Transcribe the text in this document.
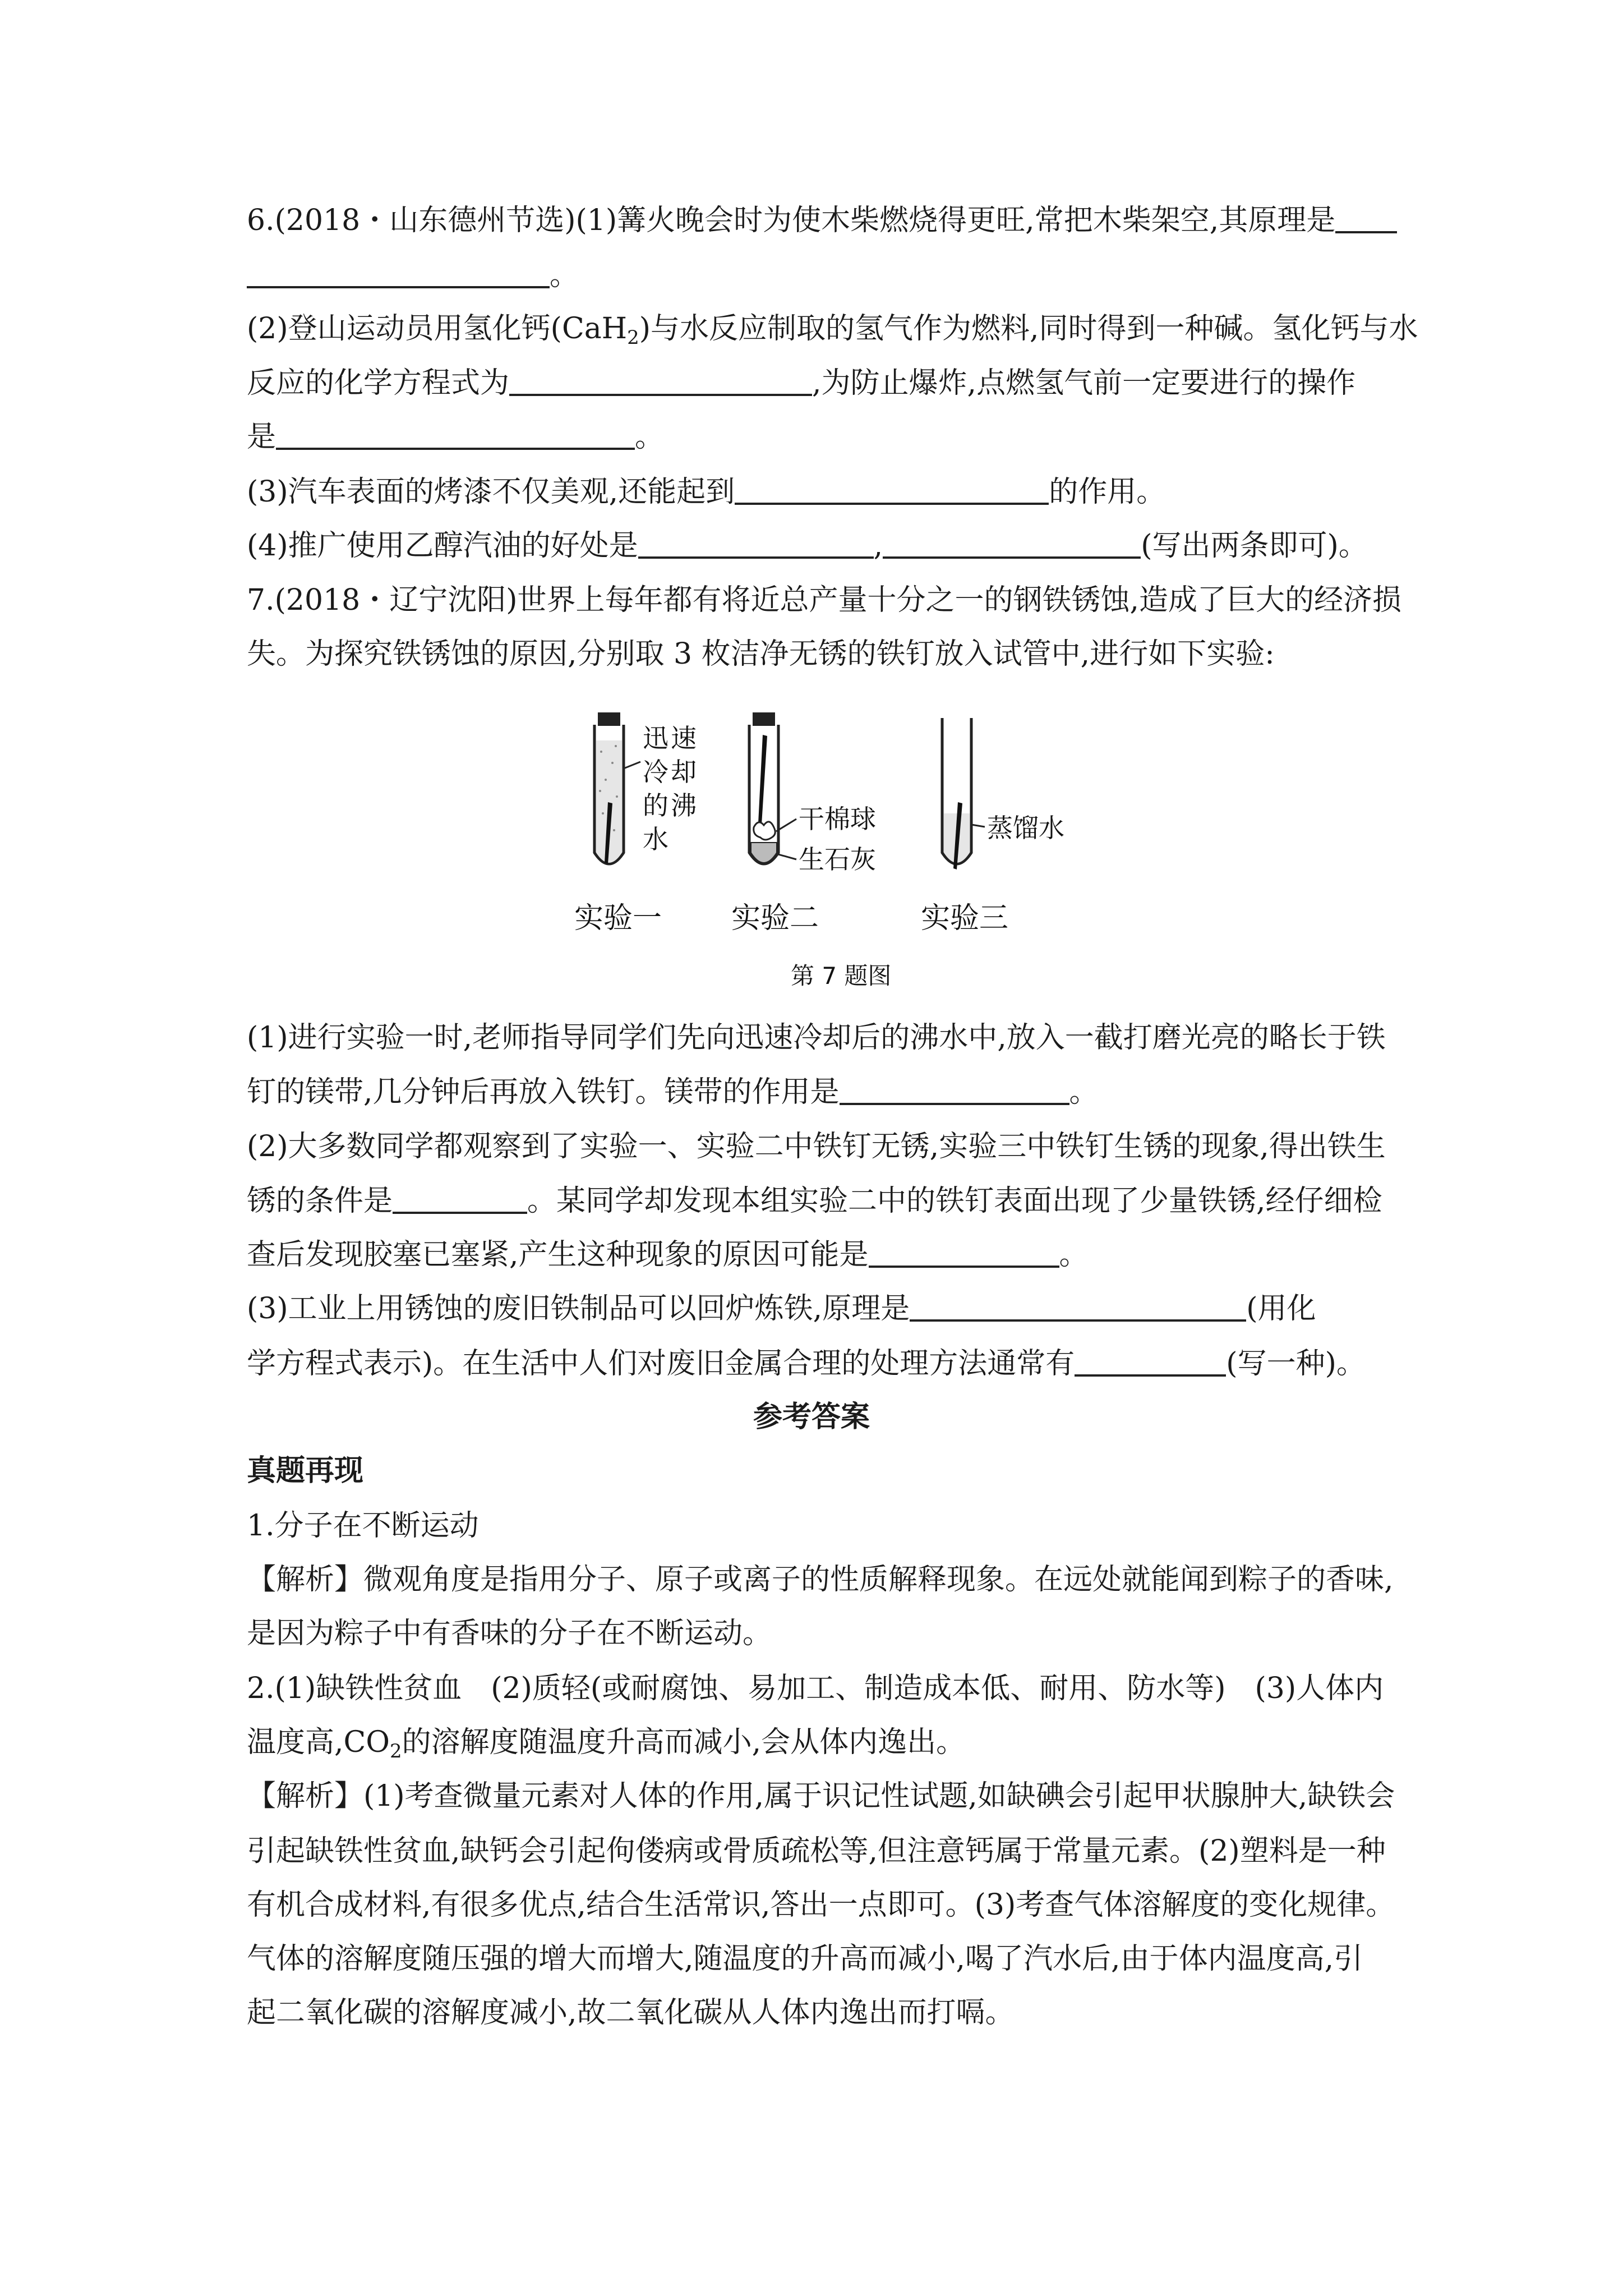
6.(2018・山东德州节选)(1)篝火晚会时为使木柴燃烧得更旺,常把木柴架空,其原理是
。
(2)登山运动员用氢化钙(CaH$_2$)与水反应制取的氢气作为燃料,同时得到一种碱。氢化钙与水
反应的化学方程式为	,为防止爆炸,点燃氢气前一定要进行的操作
是	。
(3)汽车表面的烤漆不仅美观,还能起到	的作用。
(4)推广使用乙醇汽油的好处是	,	(写出两条即可)。
7.(2018・辽宁沈阳)世界上每年都有将近总产量十分之一的钢铁锈蚀,造成了巨大的经济损
失。为探究铁锈蚀的原因,分别取 3 枚洁净无锈的铁钉放入试管中,进行如下实验:
迅 速
冷 却
的 沸
水
干棉球
生石灰
蒸馏水
实验一 实验二	实验三
第 7 题图
(1)进行实验一时,老师指导同学们先向迅速冷却后的沸水中,放入一截打磨光亮的略长于铁
钉的镁带,几分钟后再放入铁钉。镁带的作用是	。
(2)大多数同学都观察到了实验一、实验二中铁钉无锈,实验三中铁钉生锈的现象,得出铁生
锈的条件是	。某同学却发现本组实验二中的铁钉表面出现了少量铁锈,经仔细检
查后发现胶塞已塞紧,产生这种现象的原因可能是	。
(3)工业上用锈蚀的废旧铁制品可以回炉炼铁,原理是	(用化
学方程式表示)。在生活中人们对废旧金属合理的处理方法通常有	(写一种)。
参考答案
真题再现
1.分子在不断运动
【解析】微观角度是指用分子、原子或离子的性质解释现象。在远处就能闻到粽子的香味,
是因为粽子中有香味的分子在不断运动。
2.(1)缺铁性贫血　(2)质轻(或耐腐蚀、易加工、制造成本低、耐用、防水等)　(3)人体内
温度高$,CO_2$的溶解度随温度升高而减小,会从体内逸出。
【解析】(1)考查微量元素对人体的作用,属于识记性试题,如缺碘会引起甲状腺肿大,缺铁会
引起缺铁性贫血,缺钙会引起佝偻病或骨质疏松等,但注意钙属于常量元素。(2)塑料是一种
有机合成材料,有很多优点,结合生活常识,答出一点即可。(3)考查气体溶解度的变化规律。
气体的溶解度随压强的增大而增大,随温度的升高而减小,喝了汽水后,由于体内温度高,引
起二氧化碳的溶解度减小,故二氧化碳从人体内逸出而打嗝。
